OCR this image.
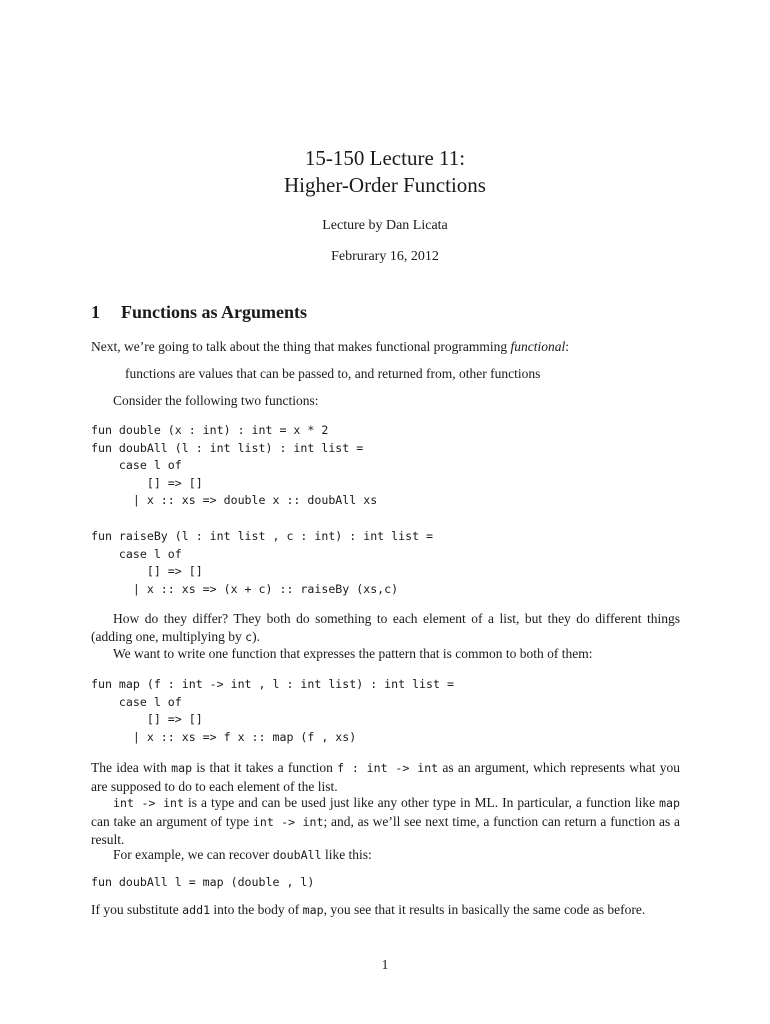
15-150 Lecture 11:
Higher-Order Functions
Lecture by Dan Licata
Februrary 16, 2012
1 Functions as Arguments

Next, we’re going to talk about the thing that makes functional programming functional:

functions are values that can be passed to, and returned from, other functions

Consider the following two functions:

fun double (x : int) : int = x * 2
fun doubAll (l : int list) : int list =
case l of
[] => []
| x :: xs => double x :: doubAll xs
fun raiseBy (l : int list , c : int) : int list =
case l of
[] => []
| x :: xs => (x + c) :: raiseBy (xs,c)

How do they differ? They both do something to each element of a list, but they do different things (adding one, multiplying by c).

We want to write one function that expresses the pattern that is common to both of them:

fun map (f : int -> int , l : int list) : int list =
case l of
[] => []
| x :: xs => f x :: map (f , xs)

The idea with map is that it takes a function f : int -> int as an argument, which represents what you are supposed to do to each element of the list.

int -> int is a type and can be used just like any other type in ML. In particular, a function like map can take an argument of type int -> int; and, as we’ll see next time, a function can return a function as a result.

For example, we can recover doubAll like this:

fun doubAll l = map (double , l)

If you substitute add1 into the body of map, you see that it results in basically the same code as before.

1
